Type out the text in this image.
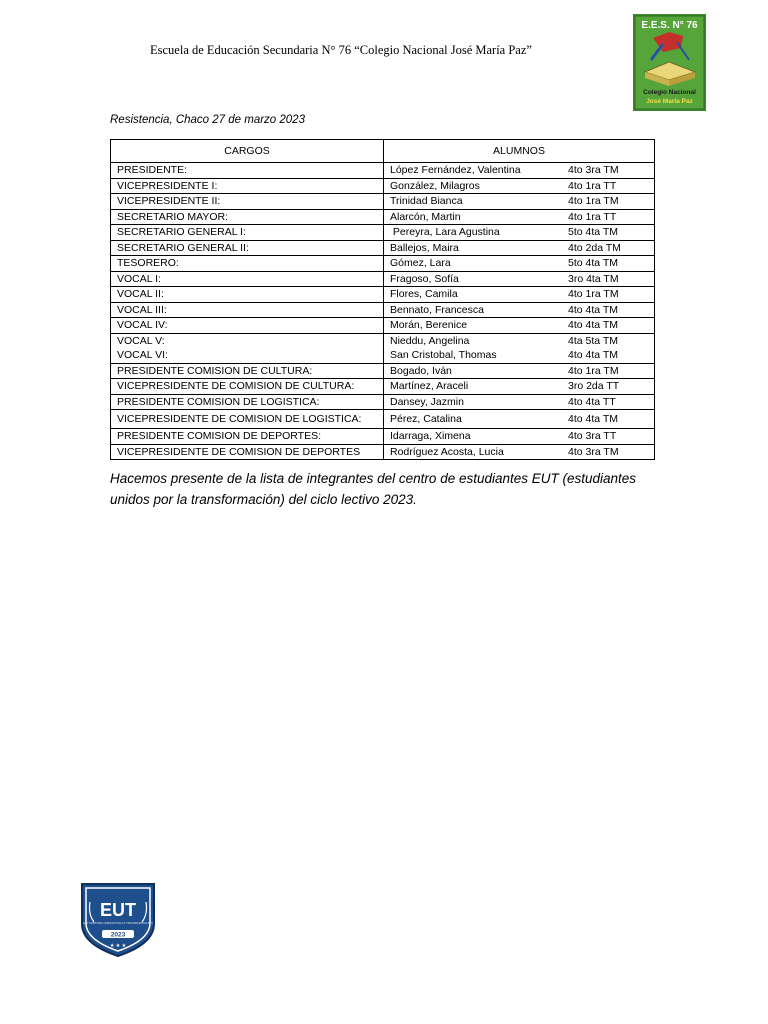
Escuela de Educación Secundaria N° 76 “Colegio Nacional José María Paz”
E.E.S. N° 76
Colegio Nacional
José María Paz
Resistencia, Chaco 27 de marzo 2023
CARGOS	ALUMNOS
PRESIDENTE:	López Fernández, Valentina 4to 3ra TM

VICEPRESIDENTE I:	González, Milagros 4to 1ra TT

VICEPRESIDENTE II:	Trinidad Bianca 4to 1ra TM

SECRETARIO MAYOR:	Alarcón, Martin 4to 1ra TT

SECRETARIO GENERAL I:	Pereyra, Lara Agustina 5to 4ta TM

SECRETARIO GENERAL II:	Ballejos, Maira 4to 2da TM

TESORERO:	Gómez, Lara 5to 4ta TM

VOCAL I:	Fragoso, Sofía 3ro 4ta TM

VOCAL II:	Flores, Camila 4to 1ra TM

VOCAL III:	Bennato, Francesca 4to 4ta TM

VOCAL IV:	Morán, Berenice 4to 4ta TM

VOCAL V:	Nieddu, Angelina 4ta 5ta TM

VOCAL VI:	San Cristobal, Thomas 4to 4ta TM

PRESIDENTE COMISION DE CULTURA:	Bogado, Iván 4to 1ra TM

VICEPRESIDENTE DE COMISION DE CULTURA:	Martínez, Araceli 3ro 2da TT

PRESIDENTE COMISION DE LOGISTICA:	Dansey, Jazmin 4to 4ta TT

VICEPRESIDENTE DE COMISION DE LOGISTICA:	Pérez, Catalina 4to 4ta TM

PRESIDENTE COMISION DE DEPORTES:	Idarraga, Ximena 4to 3ra TT

VICEPRESIDENTE DE COMISION DE DEPORTES	Rodríguez Acosta, Lucia 4to 3ra TM
Hacemos presente de la lista de integrantes del centro de estudiantes EUT (estudiantes unidos por la transformación) del ciclo lectivo 2023.
EUT
ESTUDIANTES UNIDOS POR LA TRANSFORMACIÓN
2023
★ ★ ★
